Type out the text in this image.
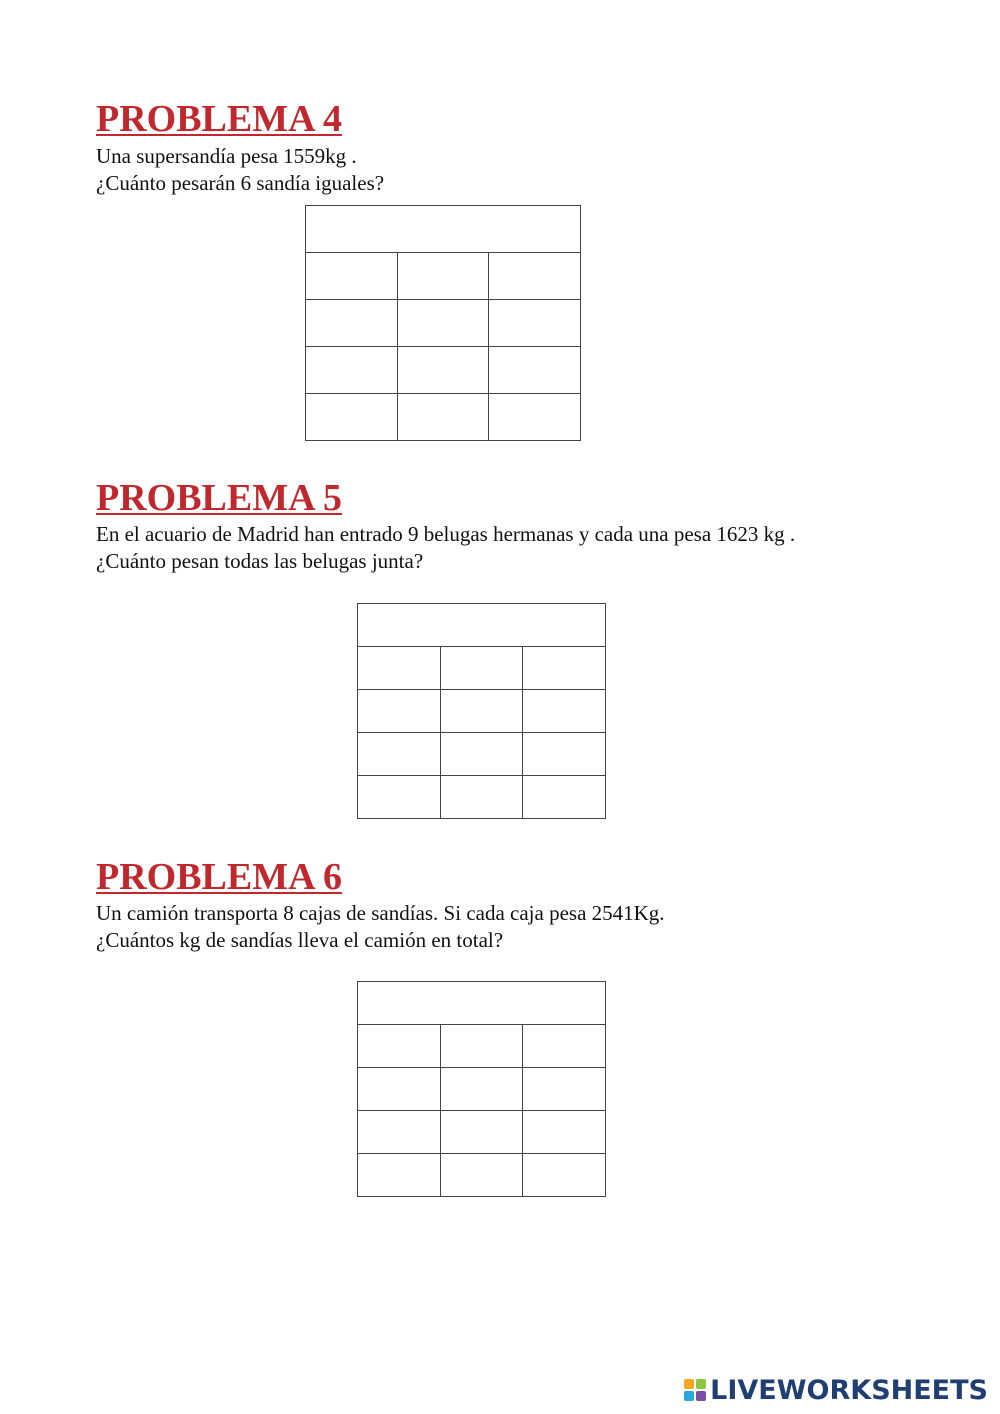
PROBLEMA 4

Una supersandía pesa 1559kg .
¿Cuánto pesarán 6 sandía iguales?

PROBLEMA 5

En el acuario de Madrid han entrado 9 belugas hermanas y cada una pesa 1623 kg .
¿Cuánto pesan todas las belugas junta?

PROBLEMA 6

Un camión transporta 8 cajas de sandías. Si cada caja pesa 2541Kg.
¿Cuántos kg de sandías lleva el camión en total?

LIVEWORKSHEETS
